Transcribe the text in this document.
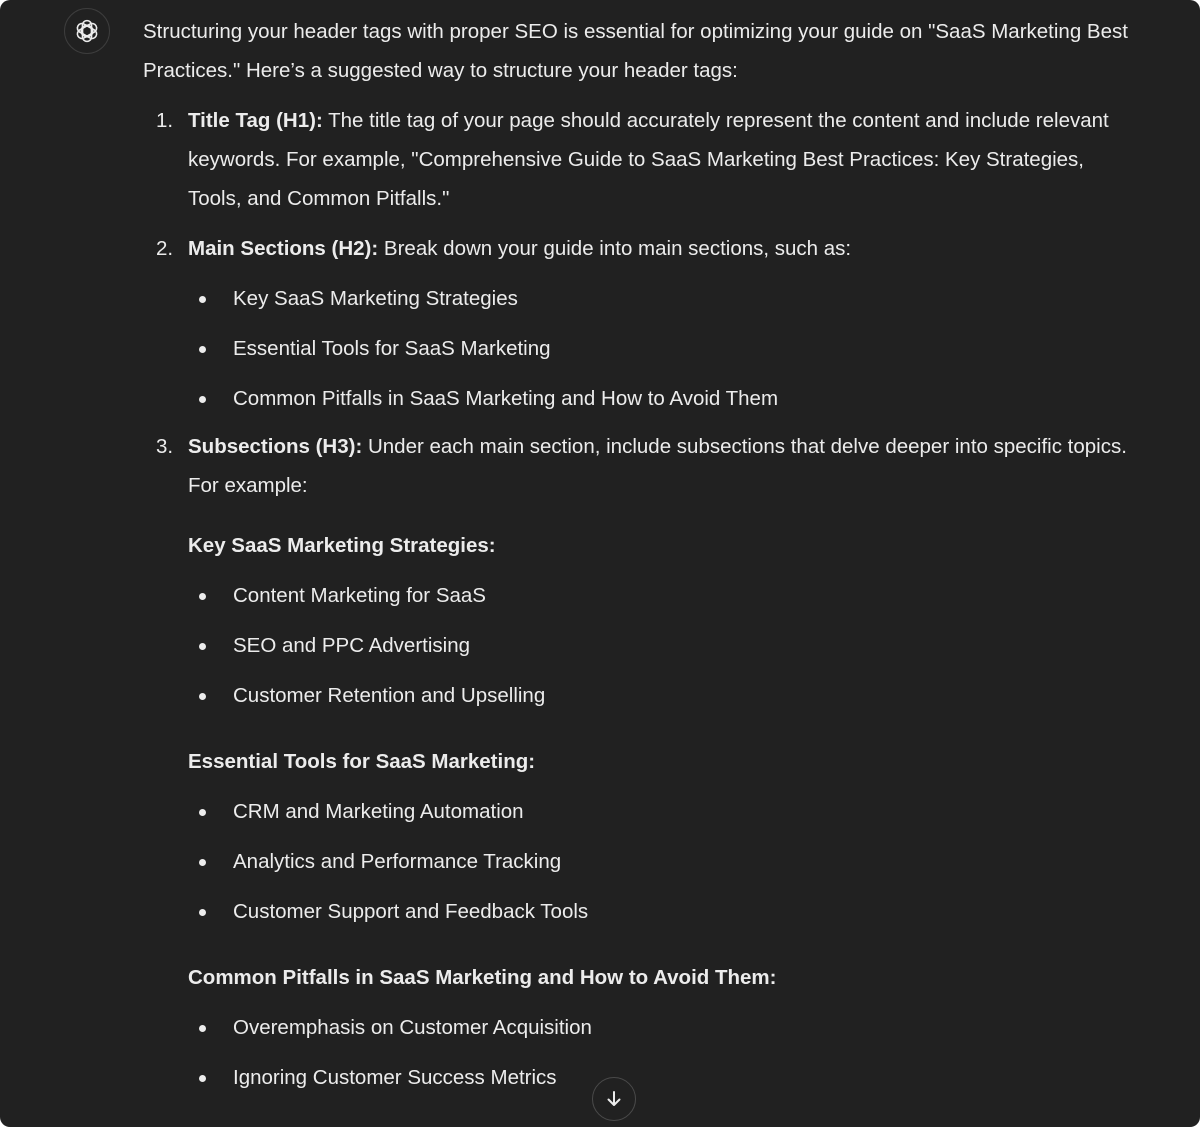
Structuring your header tags with proper SEO is essential for optimizing your guide on "SaaS Marketing Best Practices." Here’s a suggested way to structure your header tags:

1. Title Tag (H1): The title tag of your page should accurately represent the content and include relevant keywords. For example, "Comprehensive Guide to SaaS Marketing Best Practices: Key Strategies, Tools, and Common Pitfalls."

2. Main Sections (H2): Break down your guide into main sections, such as:

Key SaaS Marketing Strategies
Essential Tools for SaaS Marketing
Common Pitfalls in SaaS Marketing and How to Avoid Them
3. Subsections (H3): Under each main section, include subsections that delve deeper into specific topics. For example:

Key SaaS Marketing Strategies:
Content Marketing for SaaS
SEO and PPC Advertising
Customer Retention and Upselling
Essential Tools for SaaS Marketing:
CRM and Marketing Automation
Analytics and Performance Tracking
Customer Support and Feedback Tools
Common Pitfalls in SaaS Marketing and How to Avoid Them:
Overemphasis on Customer Acquisition
Ignoring Customer Success Metrics
